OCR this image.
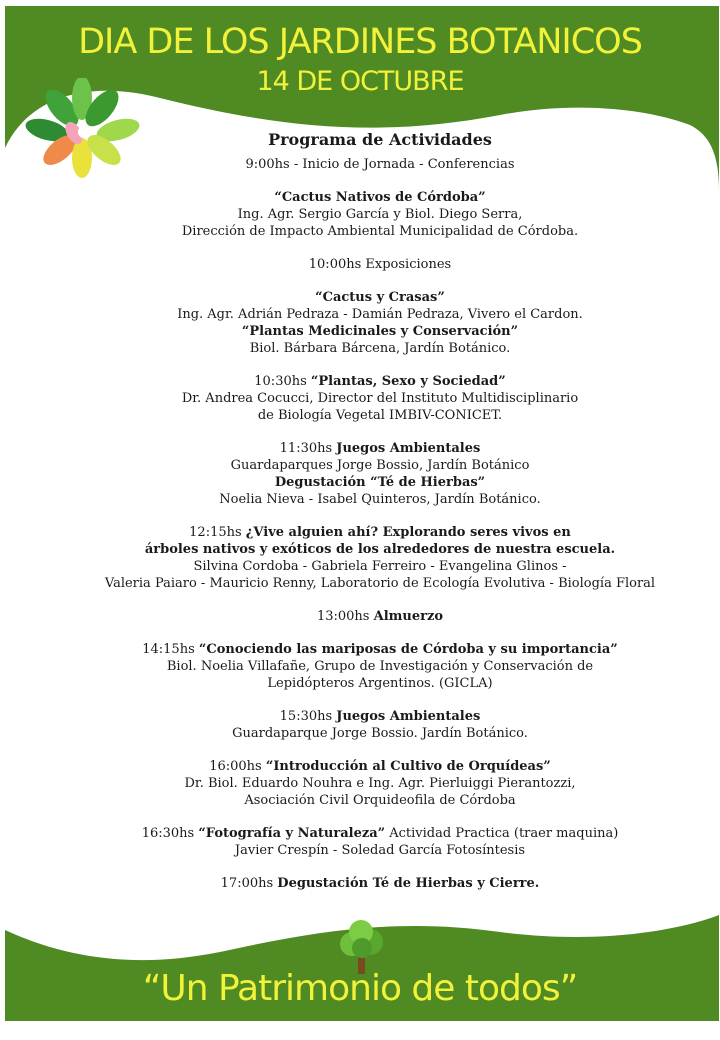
DIA DE LOS JARDINES BOTANICOS
14 DE OCTUBRE
“Un Patrimonio de todos”
Programa de Actividades
9:00hs - Inicio de Jornada - Conferencias
“Cactus Nativos de Córdoba”
Ing. Agr. Sergio García y Biol. Diego Serra,
Dirección de Impacto Ambiental Municipalidad de Córdoba.
10:00hs Exposiciones
“Cactus y Crasas”
Ing. Agr. Adrián Pedraza - Damián Pedraza, Vivero el Cardon.
“Plantas Medicinales y Conservación”
Biol. Bárbara Bárcena, Jardín Botánico.
10:30hs “Plantas, Sexo y Sociedad”
Dr. Andrea Cocucci, Director del Instituto Multidisciplinario
de Biología Vegetal IMBIV-CONICET.
11:30hs Juegos Ambientales
Guardaparques Jorge Bossio, Jardín Botánico
Degustación “Té de Hierbas”
Noelia Nieva - Isabel Quinteros, Jardín Botánico.
12:15hs ¿Vive alguien ahí? Explorando seres vivos en
árboles nativos y exóticos de los alrededores de nuestra escuela.
Silvina Cordoba - Gabriela Ferreiro - Evangelina Glinos -
Valeria Paiaro - Mauricio Renny, Laboratorio de Ecología Evolutiva - Biología Floral
13:00hs Almuerzo
14:15hs “Conociendo las mariposas de Córdoba y su importancia”
Biol. Noelia Villafañe, Grupo de Investigación y Conservación de
Lepidópteros Argentinos. (GICLA)
15:30hs Juegos Ambientales
Guardaparque Jorge Bossio. Jardín Botánico.
16:00hs “Introducción al Cultivo de Orquídeas”
Dr. Biol. Eduardo Nouhra e Ing. Agr. Pierluiggi Pierantozzi,
Asociación Civil Orquideofila de Córdoba
16:30hs “Fotografía y Naturaleza” Actividad Practica (traer maquina)
Javier Crespín - Soledad García Fotosíntesis
17:00hs Degustación Té de Hierbas y Cierre.
